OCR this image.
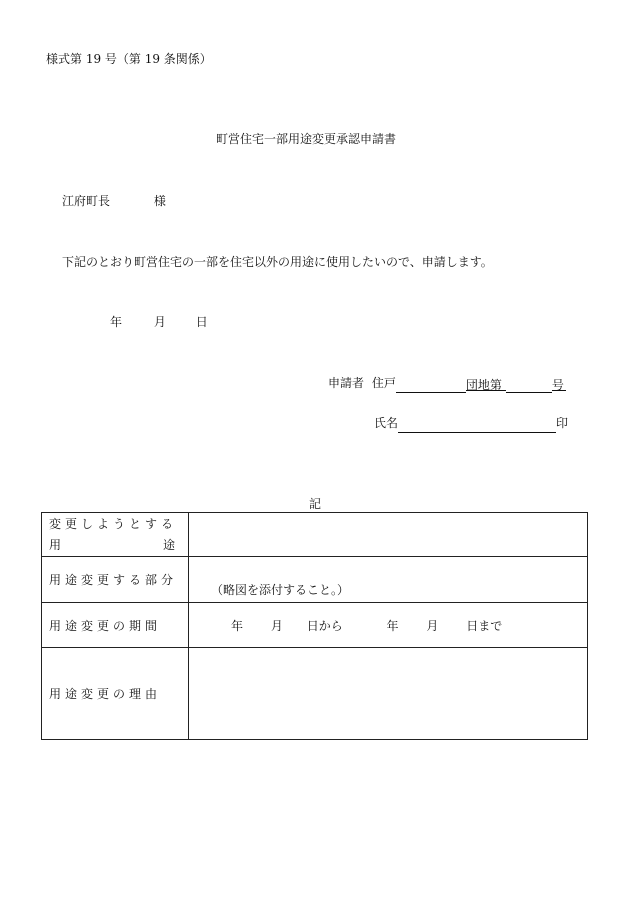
様式第 19 号（第 19 条関係）
町営住宅一部用途変更承認申請書
江府町長	様
下記のとおり町営住宅の一部を住宅以外の用途に使用したいので、申請します。
年	月 日
申請者 住戸	団地第	号
氏名	印
記
変更しようとする
用 途	

用途変更する部分	（略図を添付すること。）

用途変更の期間	年 月 日から 年 月 日まで
用途変更の理由	
